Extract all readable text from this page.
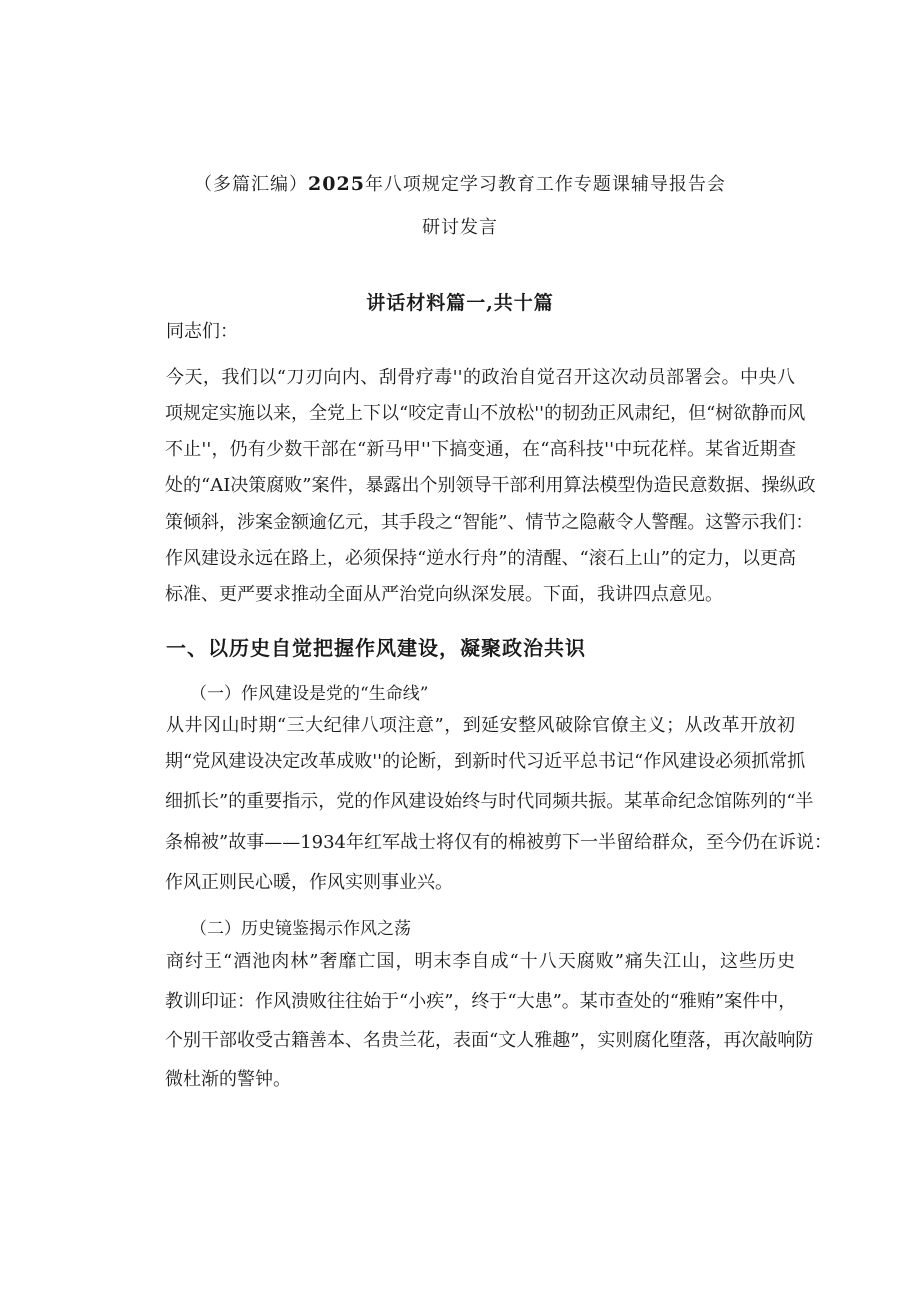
（多篇汇编）2025年八项规定学习教育工作专题课辅导报告会
研讨发言
讲话材料篇一,共十篇
同志们：
今天，我们以“刀刃向内、刮骨疗毒''的政治自觉召开这次动员部署会。中央八
项规定实施以来，全党上下以“咬定青山不放松''的韧劲正风肃纪，但“树欲静而风
不止''，仍有少数干部在“新马甲''下搞变通，在“高科技''中玩花样。某省近期查
处的“AI决策腐败”案件，暴露出个别领导干部利用算法模型伪造民意数据、操纵政
策倾斜，涉案金额逾亿元，其手段之“智能”、情节之隐蔽令人警醒。这警示我们：
作风建设永远在路上，必须保持“逆水行舟”的清醒、“滚石上山”的定力，以更高
标准、更严要求推动全面从严治党向纵深发展。下面，我讲四点意见。
一、以历史自觉把握作风建设，凝聚政治共识
（一）作风建设是党的“生命线”
从井冈山时期“三大纪律八项注意”，到延安整风破除官僚主义；从改革开放初
期“党风建设决定改革成败''的论断，到新时代习近平总书记“作风建设必须抓常抓
细抓长”的重要指示，党的作风建设始终与时代同频共振。某革命纪念馆陈列的“半
条棉被”故事——1934年红军战士将仅有的棉被剪下一半留给群众，至今仍在诉说：
作风正则民心暖，作风实则事业兴。
（二）历史镜鉴揭示作风之荡
商纣王“酒池肉林”奢靡亡国，明末李自成“十八天腐败”痛失江山，这些历史
教训印证：作风溃败往往始于“小疾”，终于“大患”。某市查处的“雅贿”案件中，
个别干部收受古籍善本、名贵兰花，表面“文人雅趣”，实则腐化堕落，再次敲响防
微杜渐的警钟。
